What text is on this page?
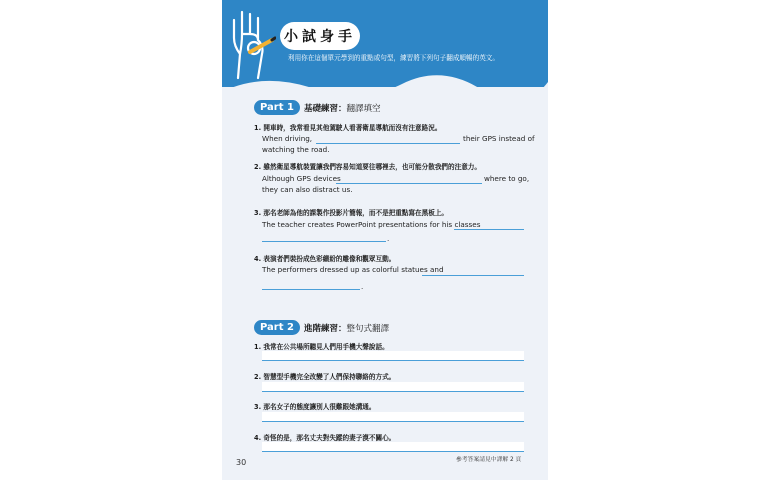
小試身手
利用你在這個單元學到的重點或句型，練習將下列句子翻成順暢的英文。
Part 1	基礎練習：翻譯填空
1. 開車時，我常看見其他駕駛人看著衛星導航而沒有注意路況。
When driving,	their GPS instead of
watching the road.
2. 雖然衛星導航裝置讓我們容易知道要往哪裡去，也可能分散我們的注意力。
Although GPS devices	where to go,
they can also distract us.
3. 那名老師為他的課製作投影片簡報，而不是把重點寫在黑板上。
The teacher creates PowerPoint presentations for his classes
.
4. 表演者們裝扮成色彩繽紛的雕像和觀眾互動。
The performers dressed up as colorful statues and
.
Part 2	進階練習：整句式翻譯
1. 我常在公共場所聽見人們用手機大聲說話。
2. 智慧型手機完全改變了人們保持聯絡的方式。
3. 那名女子的態度讓別人很難跟她溝通。
4. 奇怪的是，那名丈夫對失蹤的妻子漠不關心。
30	參考答案請見中譯解 2 頁
